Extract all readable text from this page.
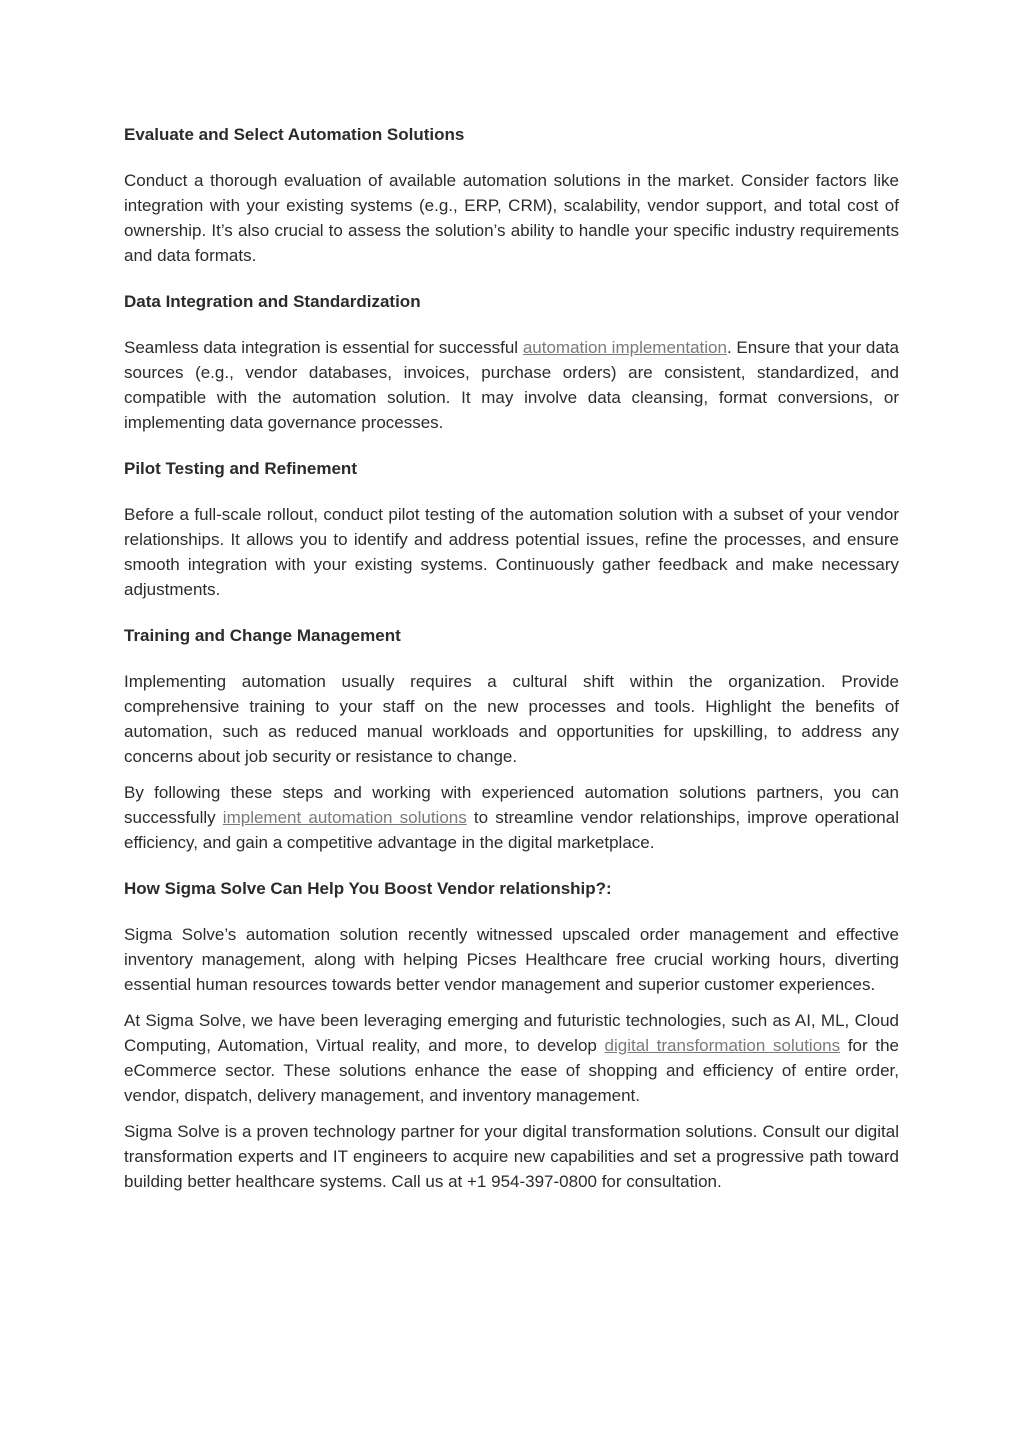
Evaluate and Select Automation Solutions

Conduct a thorough evaluation of available automation solutions in the market. Consider factors like integration with your existing systems (e.g., ERP, CRM), scalability, vendor support, and total cost of ownership. It’s also crucial to assess the solution’s ability to handle your specific industry requirements and data formats.

Data Integration and Standardization

Seamless data integration is essential for successful automation implementation. Ensure that your data sources (e.g., vendor databases, invoices, purchase orders) are consistent, standardized, and compatible with the automation solution. It may involve data cleansing, format conversions, or implementing data governance processes.

Pilot Testing and Refinement

Before a full-scale rollout, conduct pilot testing of the automation solution with a subset of your vendor relationships. It allows you to identify and address potential issues, refine the processes, and ensure smooth integration with your existing systems. Continuously gather feedback and make necessary adjustments.

Training and Change Management

Implementing automation usually requires a cultural shift within the organization. Provide comprehensive training to your staff on the new processes and tools. Highlight the benefits of automation, such as reduced manual workloads and opportunities for upskilling, to address any concerns about job security or resistance to change.

By following these steps and working with experienced automation solutions partners, you can successfully implement automation solutions to streamline vendor relationships, improve operational efficiency, and gain a competitive advantage in the digital marketplace.

How Sigma Solve Can Help You Boost Vendor relationship?:

Sigma Solve’s automation solution recently witnessed upscaled order management and effective inventory management, along with helping Picses Healthcare free crucial working hours, diverting essential human resources towards better vendor management and superior customer experiences.

At Sigma Solve, we have been leveraging emerging and futuristic technologies, such as AI, ML, Cloud Computing, Automation, Virtual reality, and more, to develop digital transformation solutions for the eCommerce sector. These solutions enhance the ease of shopping and efficiency of entire order, vendor, dispatch, delivery management, and inventory management.

Sigma Solve is a proven technology partner for your digital transformation solutions. Consult our digital transformation experts and IT engineers to acquire new capabilities and set a progressive path toward building better healthcare systems. Call us at +1 954-397-0800 for consultation.
